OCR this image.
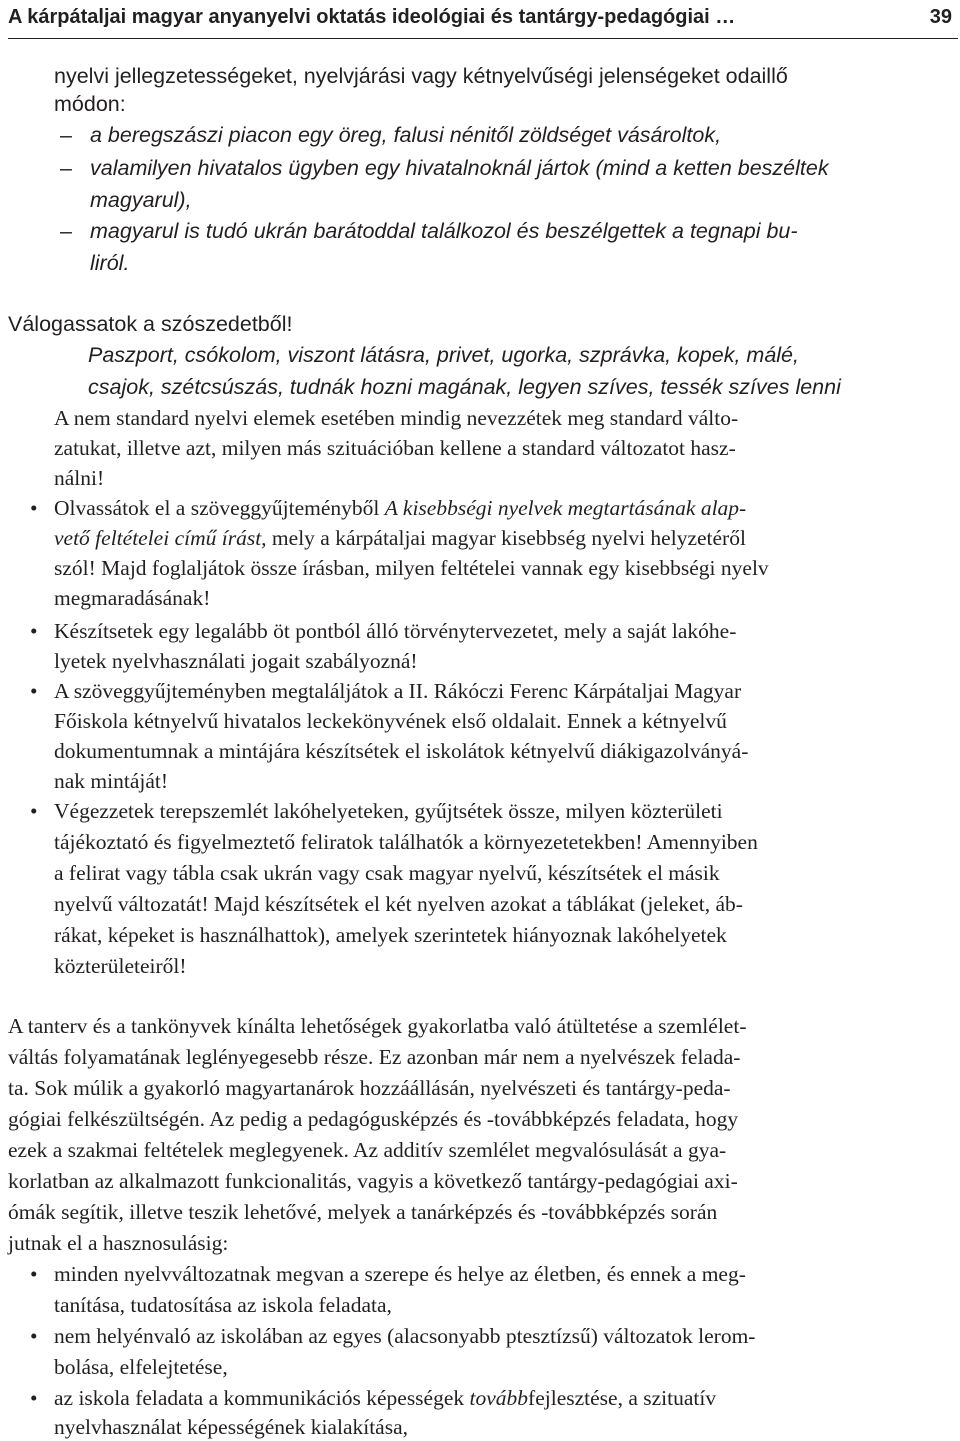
A kárpátaljai magyar anyanyelvi oktatás ideológiai és tantárgy-pedagógiai …	39
nyelvi jellegzetességeket, nyelvjárási vagy kétnyelvűségi jelenségeket odaillő
módon:
– a beregszászi piacon egy öreg, falusi nénitől zöldséget vásároltok,
– valamilyen hivatalos ügyben egy hivatalnoknál jártok (mind a ketten beszéltek
magyarul),
– magyarul is tudó ukrán barátoddal találkozol és beszélgettek a tegnapi bu-
liról.
Válogassatok a szószedetből!
Paszport, csókolom, viszont látásra, privet, ugorka, szprávka, kopek, málé,
csajok, szétcsúszás, tudnák hozni magának, legyen szíves, tessék szíves lenni
A nem standard nyelvi elemek esetében mindig nevezzétek meg standard válto-
zatukat, illetve azt, milyen más szituációban kellene a standard változatot hasz-
nálni!
• Olvassátok el a szöveggyűjteményből A kisebbségi nyelvek megtartásának alap-
vető feltételei című írást, mely a kárpátaljai magyar kisebbség nyelvi helyzetéről
szól! Majd foglaljátok össze írásban, milyen feltételei vannak egy kisebbségi nyelv
megmaradásának!
• Készítsetek egy legalább öt pontból álló törvénytervezetet, mely a saját lakóhe-
lyetek nyelvhasználati jogait szabályozná!
• A szöveggyűjteményben megtaláljátok a II. Rákóczi Ferenc Kárpátaljai Magyar
Főiskola kétnyelvű hivatalos leckekönyvének első oldalait. Ennek a kétnyelvű
dokumentumnak a mintájára készítsétek el iskolátok kétnyelvű diákigazolványá-
nak mintáját!
• Végezzetek terepszemlét lakóhelyeteken, gyűjtsétek össze, milyen közterületi
tájékoztató és figyelmeztető feliratok találhatók a környezetetekben! Amennyiben
a felirat vagy tábla csak ukrán vagy csak magyar nyelvű, készítsétek el másik
nyelvű változatát! Majd készítsétek el két nyelven azokat a táblákat (jeleket, áb-
rákat, képeket is használhattok), amelyek szerintetek hiányoznak lakóhelyetek
közterületeiről!
A tanterv és a tankönyvek kínálta lehetőségek gyakorlatba való átültetése a szemlélet-
váltás folyamatának leglényegesebb része. Ez azonban már nem a nyelvészek felada-
ta. Sok múlik a gyakorló magyartanárok hozzáállásán, nyelvészeti és tantárgy-peda-
gógiai felkészültségén. Az pedig a pedagógusképzés és -továbbképzés feladata, hogy
ezek a szakmai feltételek meglegyenek. Az additív szemlélet megvalósulását a gya-
korlatban az alkalmazott funkcionalitás, vagyis a következő tantárgy-pedagógiai axi-
ómák segítik, illetve teszik lehetővé, melyek a tanárképzés és -továbbképzés során
jutnak el a hasznosulásig:
• minden nyelvváltozatnak megvan a szerepe és helye az életben, és ennek a meg-
tanítása, tudatosítása az iskola feladata,
• nem helyénvaló az iskolában az egyes (alacsonyabb ptesztízsű) változatok lerom-
bolása, elfelejtetése,
• az iskola feladata a kommunikációs képességek továbbfejlesztése, a szituatív
nyelvhasználat képességének kialakítása,
